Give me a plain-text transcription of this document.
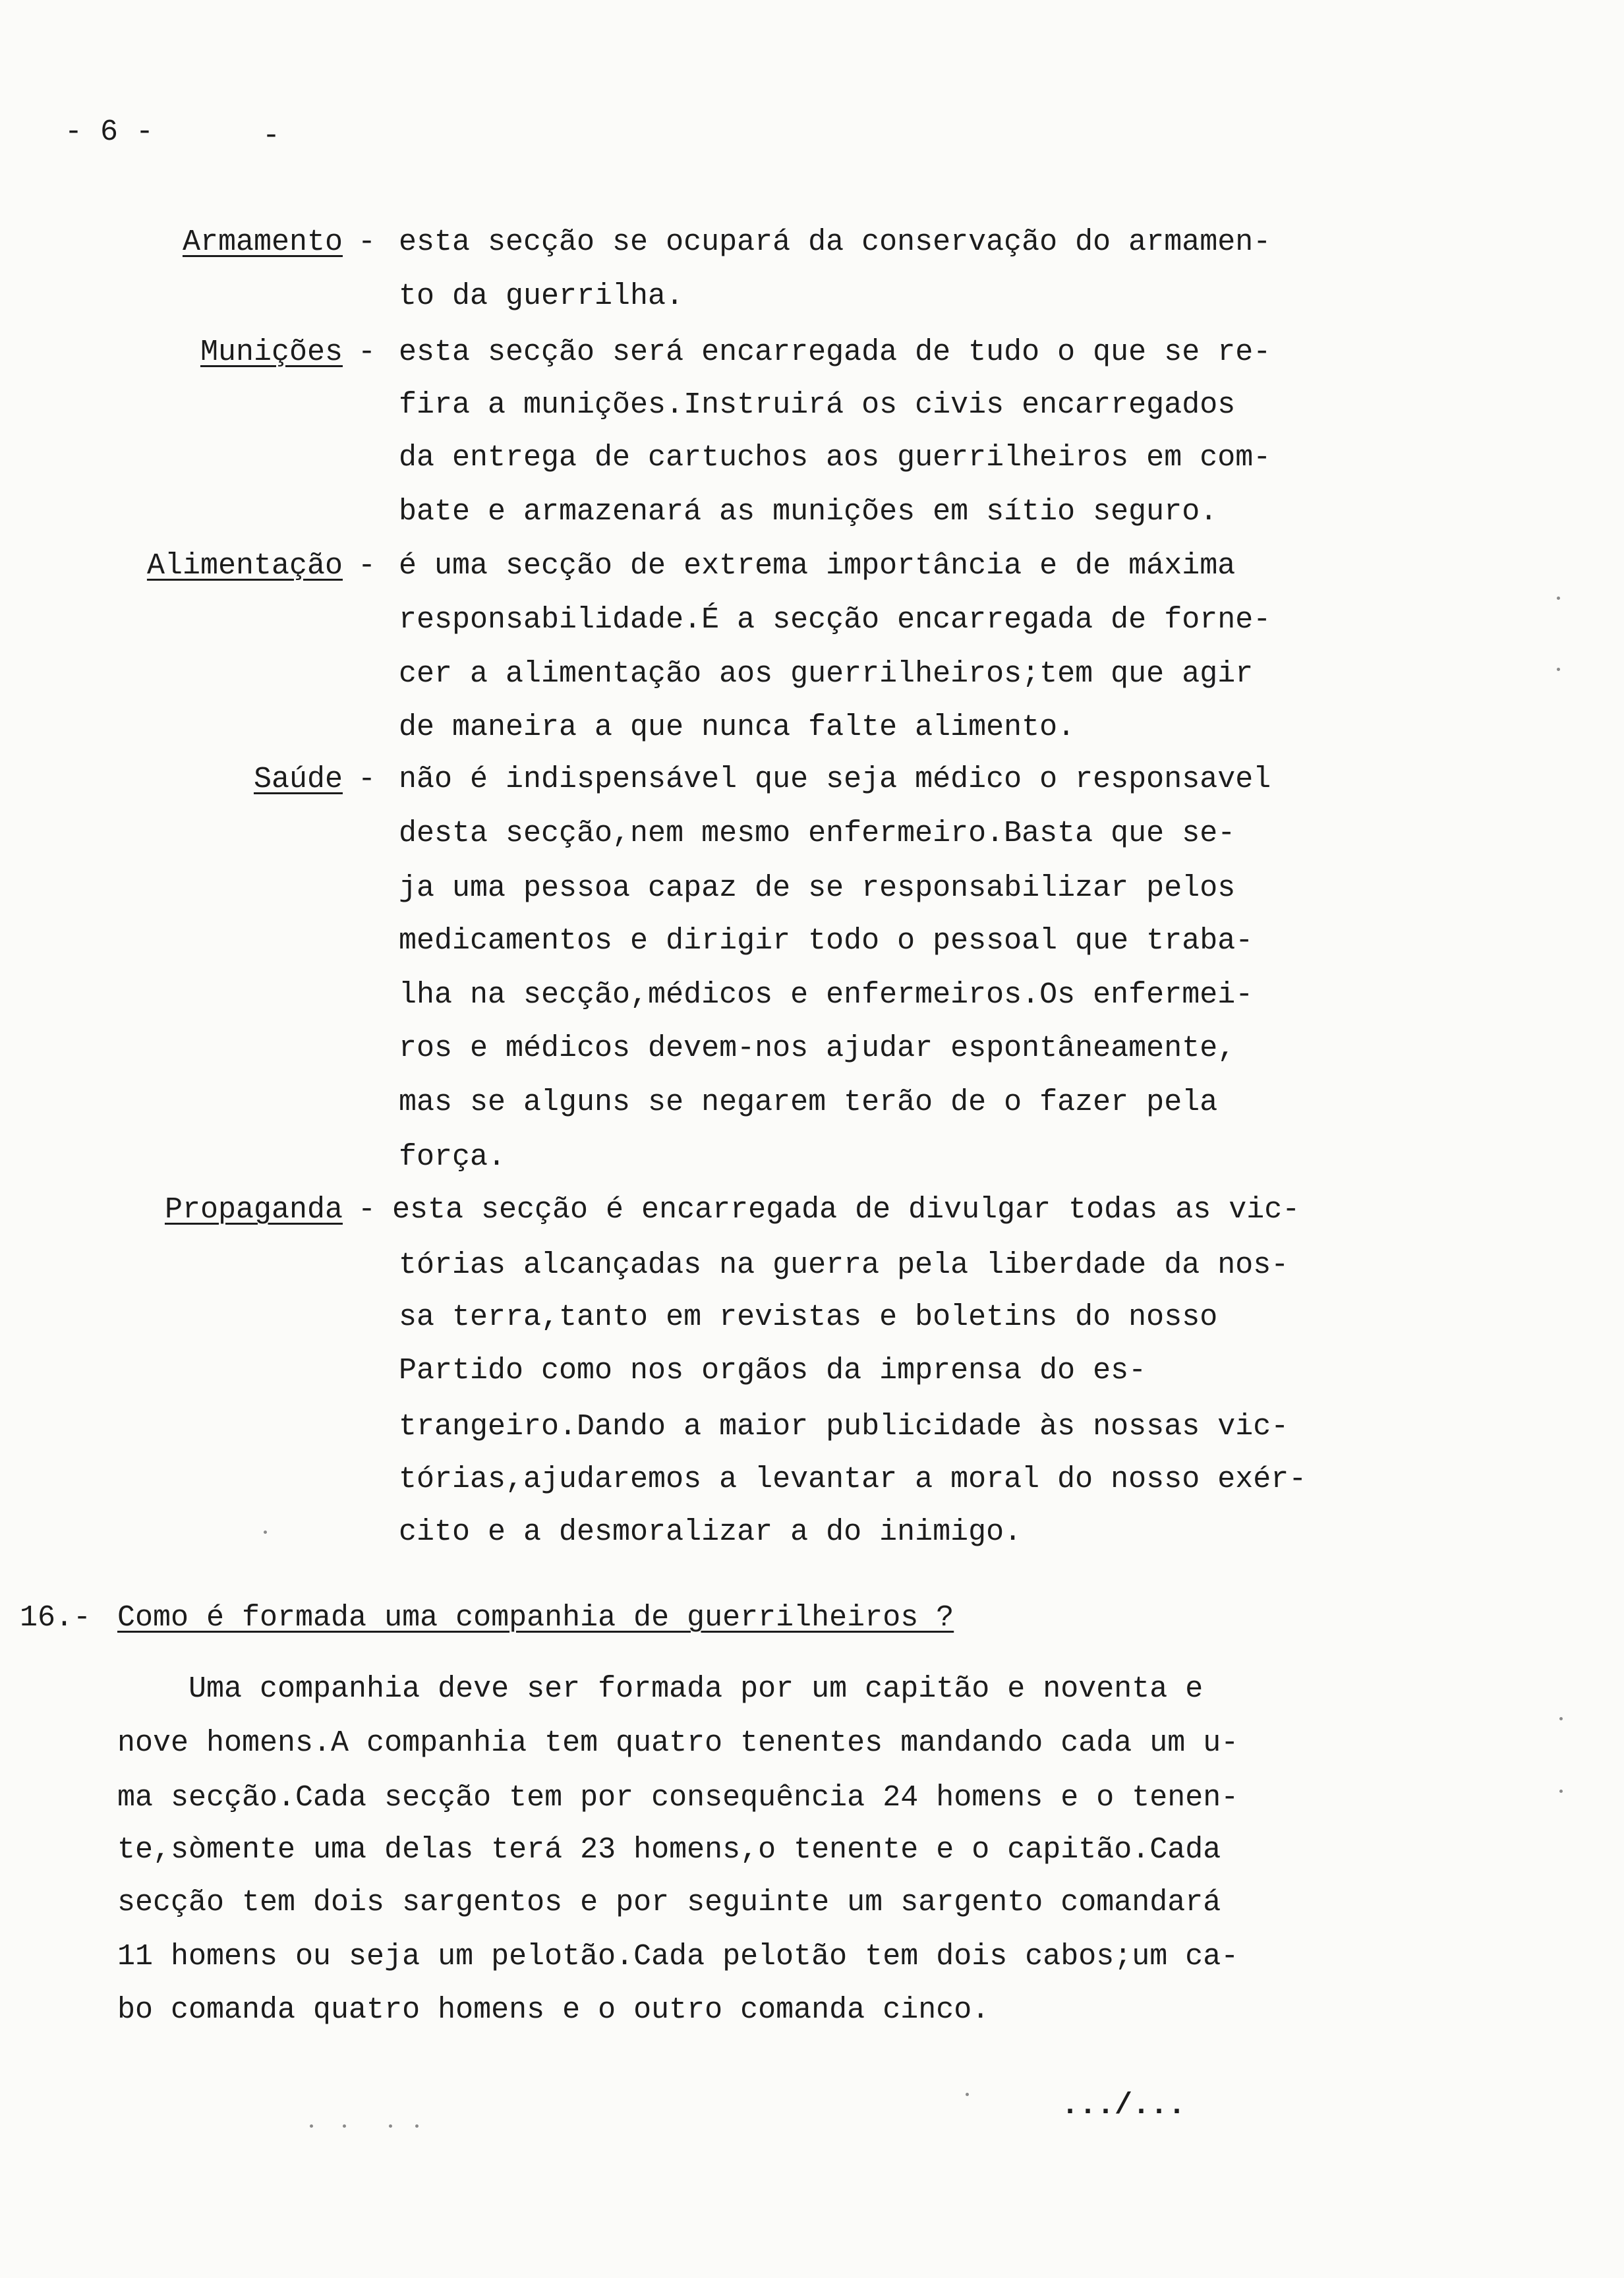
- 6 -	-
Armamento - esta secção se ocupará da conservação do armamen-
to da guerrilha.
Munições - esta secção será encarregada de tudo o que se re-
fira a munições.Instruirá os civis encarregados
da entrega de cartuchos aos guerrilheiros em com-
bate e armazenará as munições em sítio seguro.
Alimentação - é uma secção de extrema importância e de máxima
responsabilidade.É a secção encarregada de forne-
cer a alimentação aos guerrilheiros;tem que agir
de maneira a que nunca falte alimento.
Saúde - não é indispensável que seja médico o responsavel
desta secção,nem mesmo enfermeiro.Basta que se-
ja uma pessoa capaz de se responsabilizar pelos
medicamentos e dirigir todo o pessoal que traba-
lha na secção,médicos e enfermeiros.Os enfermei-
ros e médicos devem-nos ajudar espontâneamente,
mas se alguns se negarem terão de o fazer pela
força.
Propaganda - esta secção é encarregada de divulgar todas as vic-
tórias alcançadas na guerra pela liberdade da nos-
sa terra,tanto em revistas e boletins do nosso
Partido como nos orgãos da imprensa do es-
trangeiro.Dando a maior publicidade às nossas vic-
tórias,ajudaremos a levantar a moral do nosso exér-
cito e a desmoralizar a do inimigo.
16.- Como é formada uma companhia de guerrilheiros ?
Uma companhia deve ser formada por um capitão e noventa e
nove homens.A companhia tem quatro tenentes mandando cada um u-
ma secção.Cada secção tem por consequência 24 homens e o tenen-
te,sòmente uma delas terá 23 homens,o tenente e o capitão.Cada
secção tem dois sargentos e por seguinte um sargento comandará
11 homens ou seja um pelotão.Cada pelotão tem dois cabos;um ca-
bo comanda quatro homens e o outro comanda cinco.
.../...
